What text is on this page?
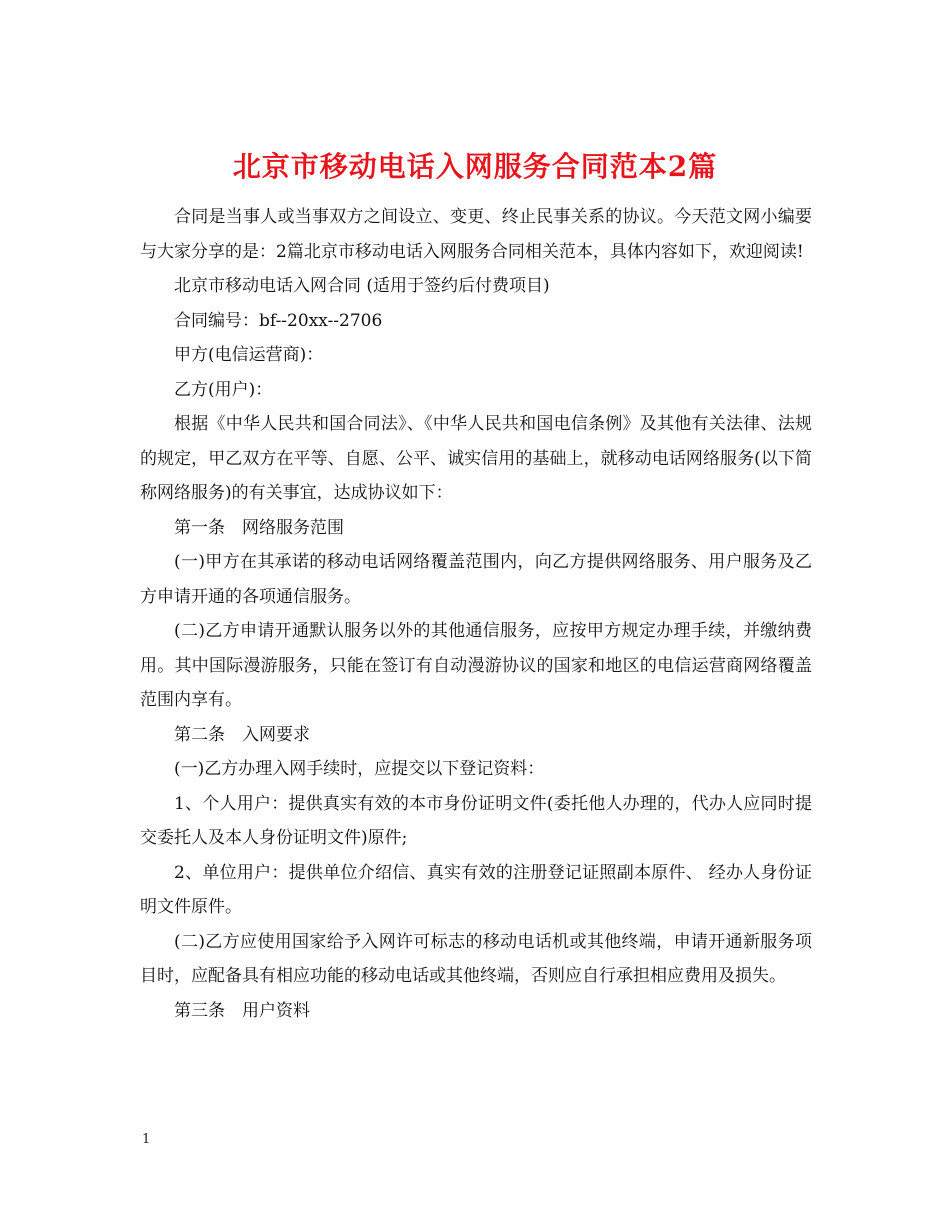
北京市移动电话入网服务合同范本2篇

合同是当事人或当事双方之间设立、变更、终止民事关系的协议。今天范文网小编要与大家分享的是：2篇北京市移动电话入网服务合同相关范本，具体内容如下，欢迎阅读!

北京市移动电话入网合同 (适用于签约后付费项目)

合同编号：bf--20xx--2706

甲方(电信运营商)：

乙方(用户)：

根据《中华人民共和国合同法》、《中华人民共和国电信条例》及其他有关法律、法规的规定，甲乙双方在平等、自愿、公平、诚实信用的基础上，就移动电话网络服务(以下简称网络服务)的有关事宜，达成协议如下：

第一条　网络服务范围

(一)甲方在其承诺的移动电话网络覆盖范围内，向乙方提供网络服务、用户服务及乙方申请开通的各项通信服务。

(二)乙方申请开通默认服务以外的其他通信服务，应按甲方规定办理手续，并缴纳费用。其中国际漫游服务，只能在签订有自动漫游协议的国家和地区的电信运营商网络覆盖范围内享有。

第二条　入网要求

(一)乙方办理入网手续时，应提交以下登记资料：

1、个人用户：提供真实有效的本市身份证明文件(委托他人办理的，代办人应同时提交委托人及本人身份证明文件)原件;

2、单位用户：提供单位介绍信、真实有效的注册登记证照副本原件、 经办人身份证明文件原件。

(二)乙方应使用国家给予入网许可标志的移动电话机或其他终端，申请开通新服务项目时，应配备具有相应功能的移动电话或其他终端，否则应自行承担相应费用及损失。

第三条　用户资料

1
